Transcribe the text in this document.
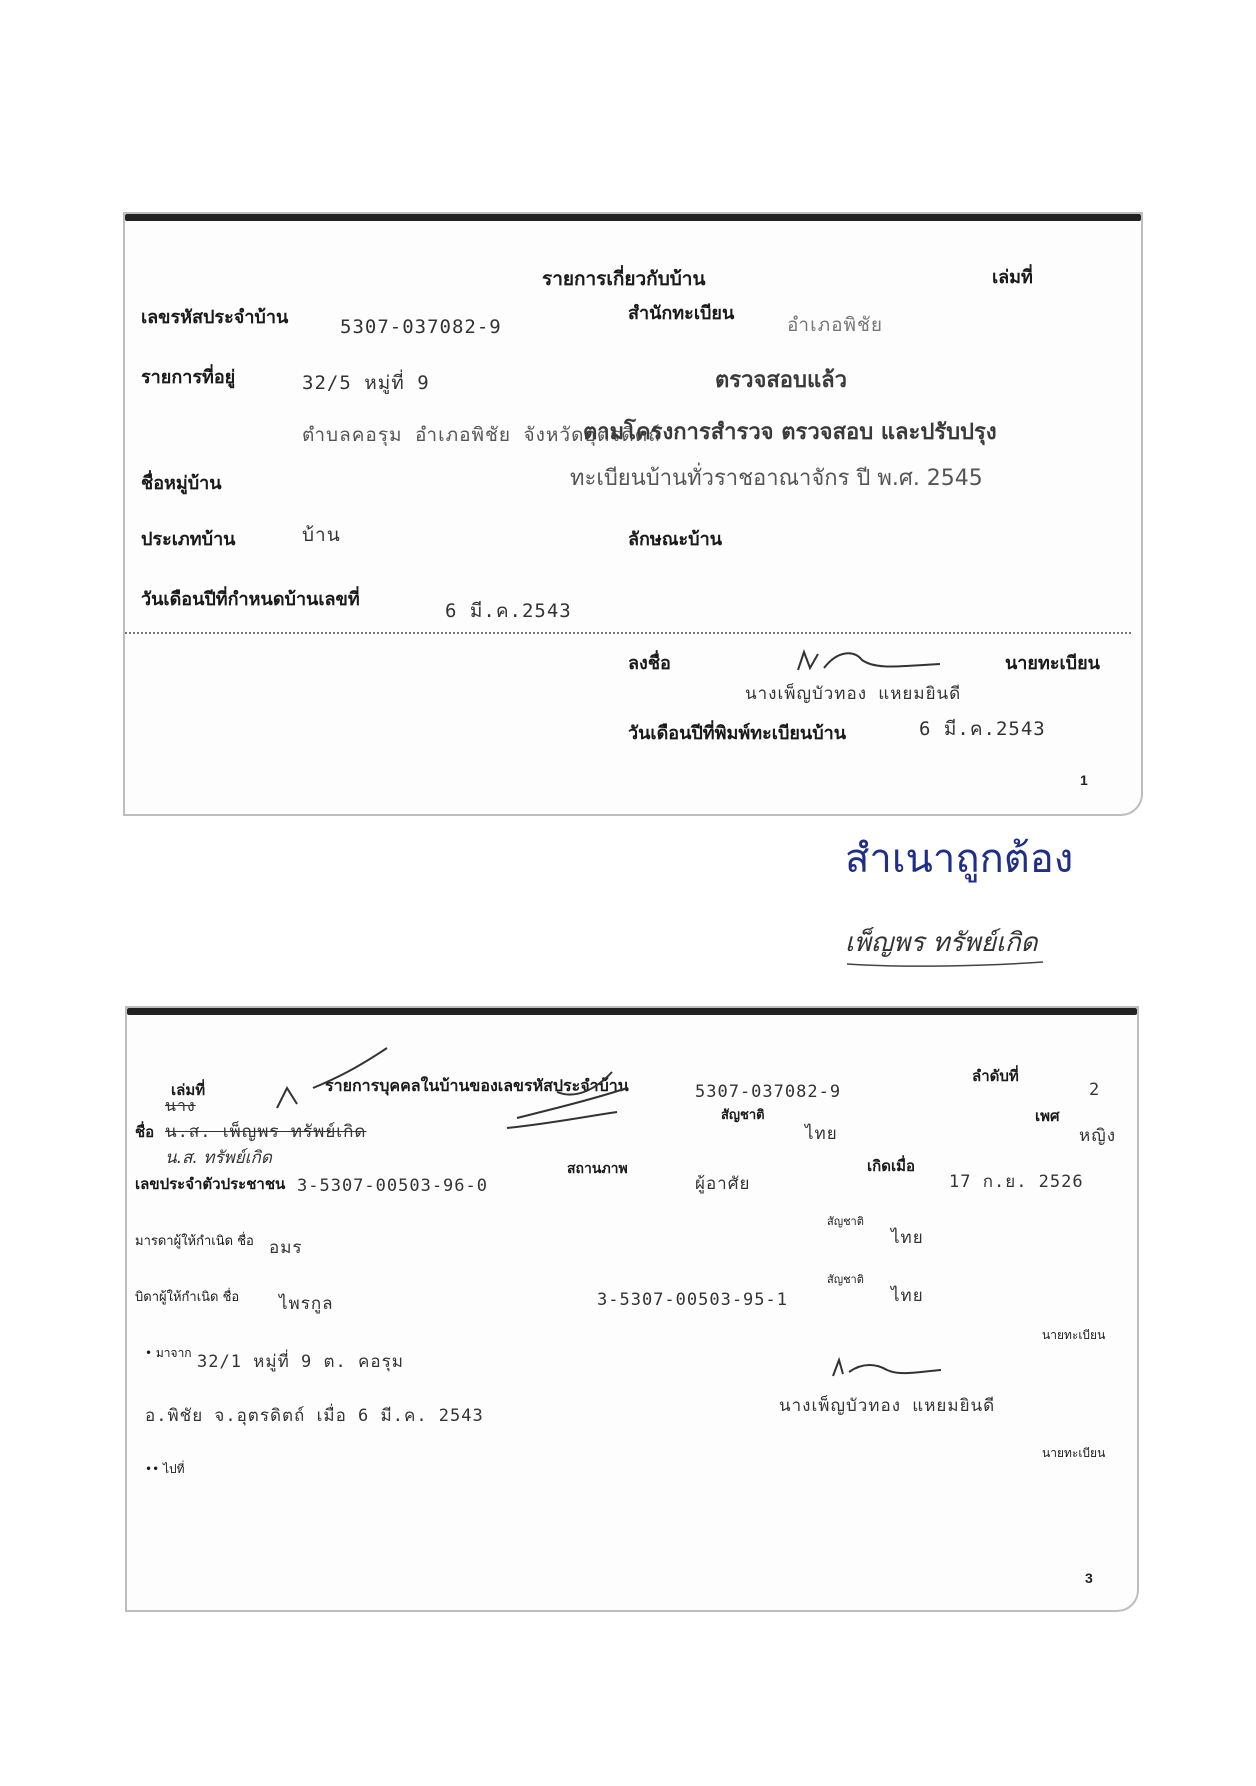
รายการเกี่ยวกับบ้าน	เล่มที่
เลขรหัสประจำบ้าน	5307-037082-9
สำนักทะเบียน
อำเภอพิชัย
รายการที่อยู่	32/5 หมู่ที่ 9
ตำบลคอรุม อำเภอพิชัย จังหวัดอุตรดิตถ์
ตรวจสอบแล้ว
ตามโครงการสำรวจ ตรวจสอบ และปรับปรุง
ทะเบียนบ้านทั่วราชอาณาจักร ปี พ.ศ. 2545
ชื่อหมู่บ้าน
ประเภทบ้าน	บ้าน	ลักษณะบ้าน
วันเดือนปีที่กำหนดบ้านเลขที่
6 มี.ค.2543
ลงชื่อ	นายทะเบียน
นางเพ็ญบัวทอง แหยมยินดี
วันเดือนปีที่พิมพ์ทะเบียนบ้าน	6 มี.ค.2543
1
สำเนาถูกต้อง
เพ็ญพร ทรัพย์เกิด
เล่มที่	รายการบุคคลในบ้านของเลขรหัสประจำบ้าน	5307-037082-9
ลำดับที่
2
ชื่อ
นาง
น.ส. เพ็ญพร ทรัพย์เกิด
น.ส. ทรัพย์เกิด
สัญชาติ
ไทย
เพศ
หญิง
เลขประจำตัวประชาชน 3-5307-00503-96-0
สถานภาพ
ผู้อาศัย
เกิดเมื่อ
17 ก.ย. 2526
มารดาผู้ให้กำเนิด ชื่อ อมร
สัญชาติ
ไทย
บิดาผู้ให้กำเนิด ชื่อ ไพรกูล	3-5307-00503-95-1
สัญชาติ
ไทย
นายทะเบียน
• มาจาก 32/1 หมู่ที่ 9 ต. คอรุม
อ.พิชัย จ.อุตรดิตถ์ เมื่อ 6 มี.ค. 2543	นางเพ็ญบัวทอง แหยมยินดี
นายทะเบียน
•• ไปที่
3
